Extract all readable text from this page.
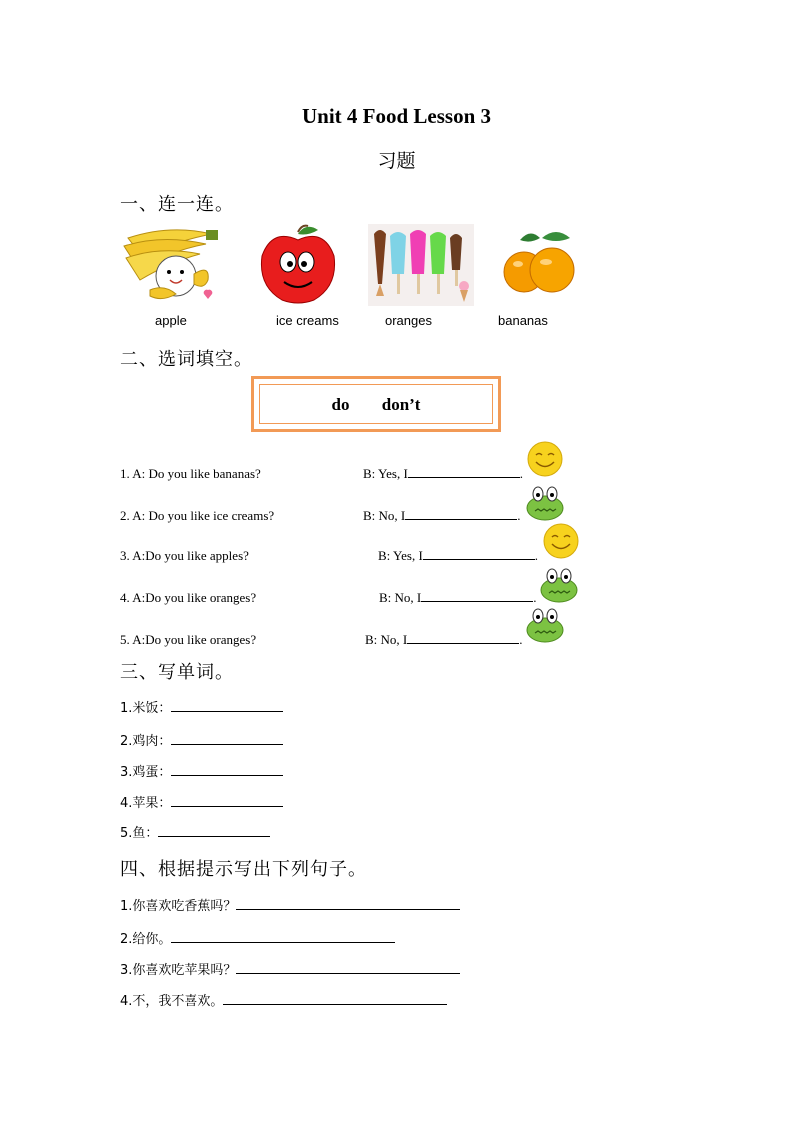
Unit 4 Food Lesson 3
习题
一、连一连。
apple	ice creams	oranges	bananas
二、选词填空。
do don’t
1. A: Do you like bananas?	B: Yes, I	.
2. A: Do you like ice creams?	B: No, I	.
3. A:Do you like apples?	B: Yes, I	.
4. A:Do you like oranges?	B: No, I	.
5. A:Do you like oranges?	B: No, I	.
三、写单词。
1.米饭：
2.鸡肉：
3.鸡蛋：
4.苹果：
5.鱼：
四、根据提示写出下列句子。
1.你喜欢吃香蕉吗？
2.给你。
3.你喜欢吃苹果吗？
4.不，我不喜欢。
